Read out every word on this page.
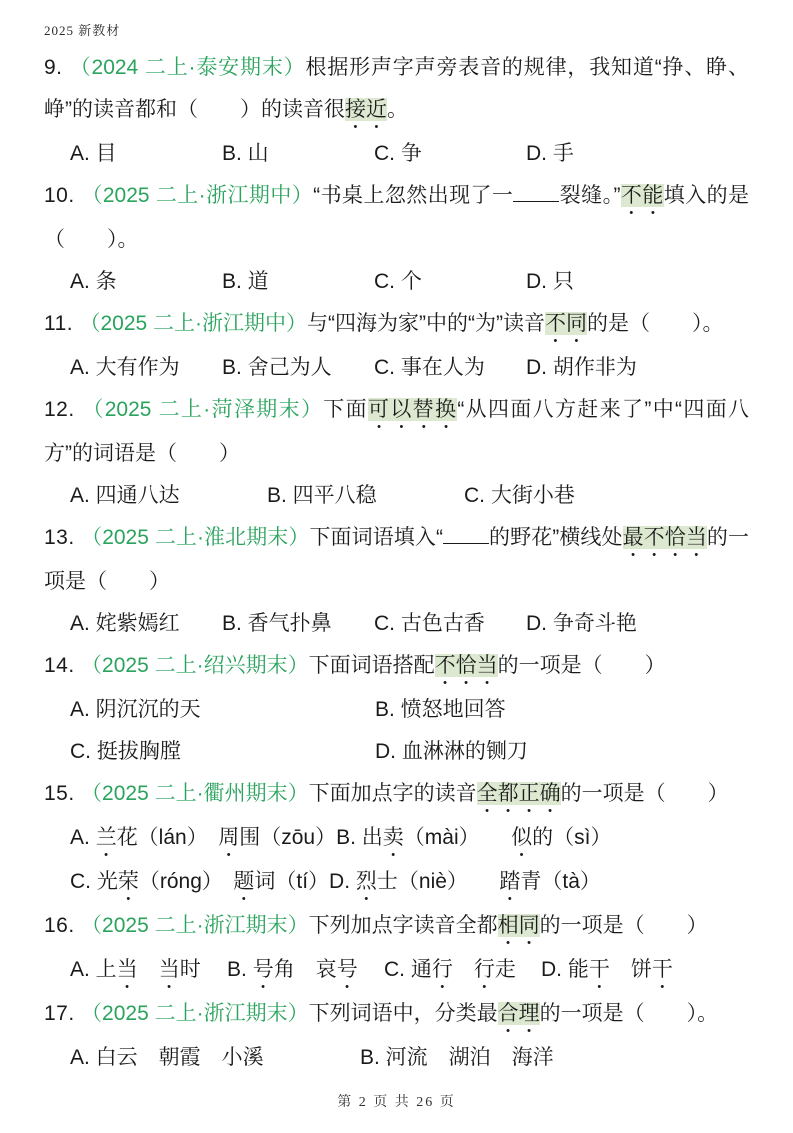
2025 新教材
9. （2024 二上·泰安期末）根据形声字声旁表音的规律，我知道“挣、睁、峥”的读音都和（　　）的读音很接近。
A. 目	B. 山	C. 争	D. 手
10. （2025 二上·浙江期中）“书桌上忽然出现了一 裂缝。”不能填入的是（　　）。
A. 条	B. 道	C. 个	D. 只
11. （2025 二上·浙江期中）与“四海为家”中的“为”读音不同的是（　　）。
A. 大有作为	B. 舍己为人	C. 事在人为	D. 胡作非为
12. （2025 二上·菏泽期末）下面可以替换“从四面八方赶来了”中“四面八方”的词语是（　　）
A. 四通八达	B. 四平八稳	C. 大街小巷
13. （2025 二上·淮北期末）下面词语填入“ 的野花”横线处最不恰当的一项是（　　）
A. 姹紫嫣红	B. 香气扑鼻	C. 古色古香	D. 争奇斗艳
14. （2025 二上·绍兴期末）下面词语搭配不恰当的一项是（　　）
A. 阴沉沉的天	B. 愤怒地回答
C. 挺拔胸膛	D. 血淋淋的铡刀
15. （2025 二上·衢州期末）下面加点字的读音全都正确的一项是（　　）
A. 兰花（lán）　周围（zōu） B. 出卖（mài）　　似的（sì）
C. 光荣（róng）　题词（tí） D. 烈士（niè）　　踏青（tà）
16. （2025 二上·浙江期末）下列加点字读音全都相同的一项是（　　）
A. 上当　 当时	B. 号角　哀号	C. 通行　 行走	D. 能干　饼干
17. （2025 二上·浙江期末）下列词语中，分类最合理的一项是（　　）。
A. 白云　朝霞　小溪	B. 河流　湖泊　海洋
第 2 页 共 26 页
